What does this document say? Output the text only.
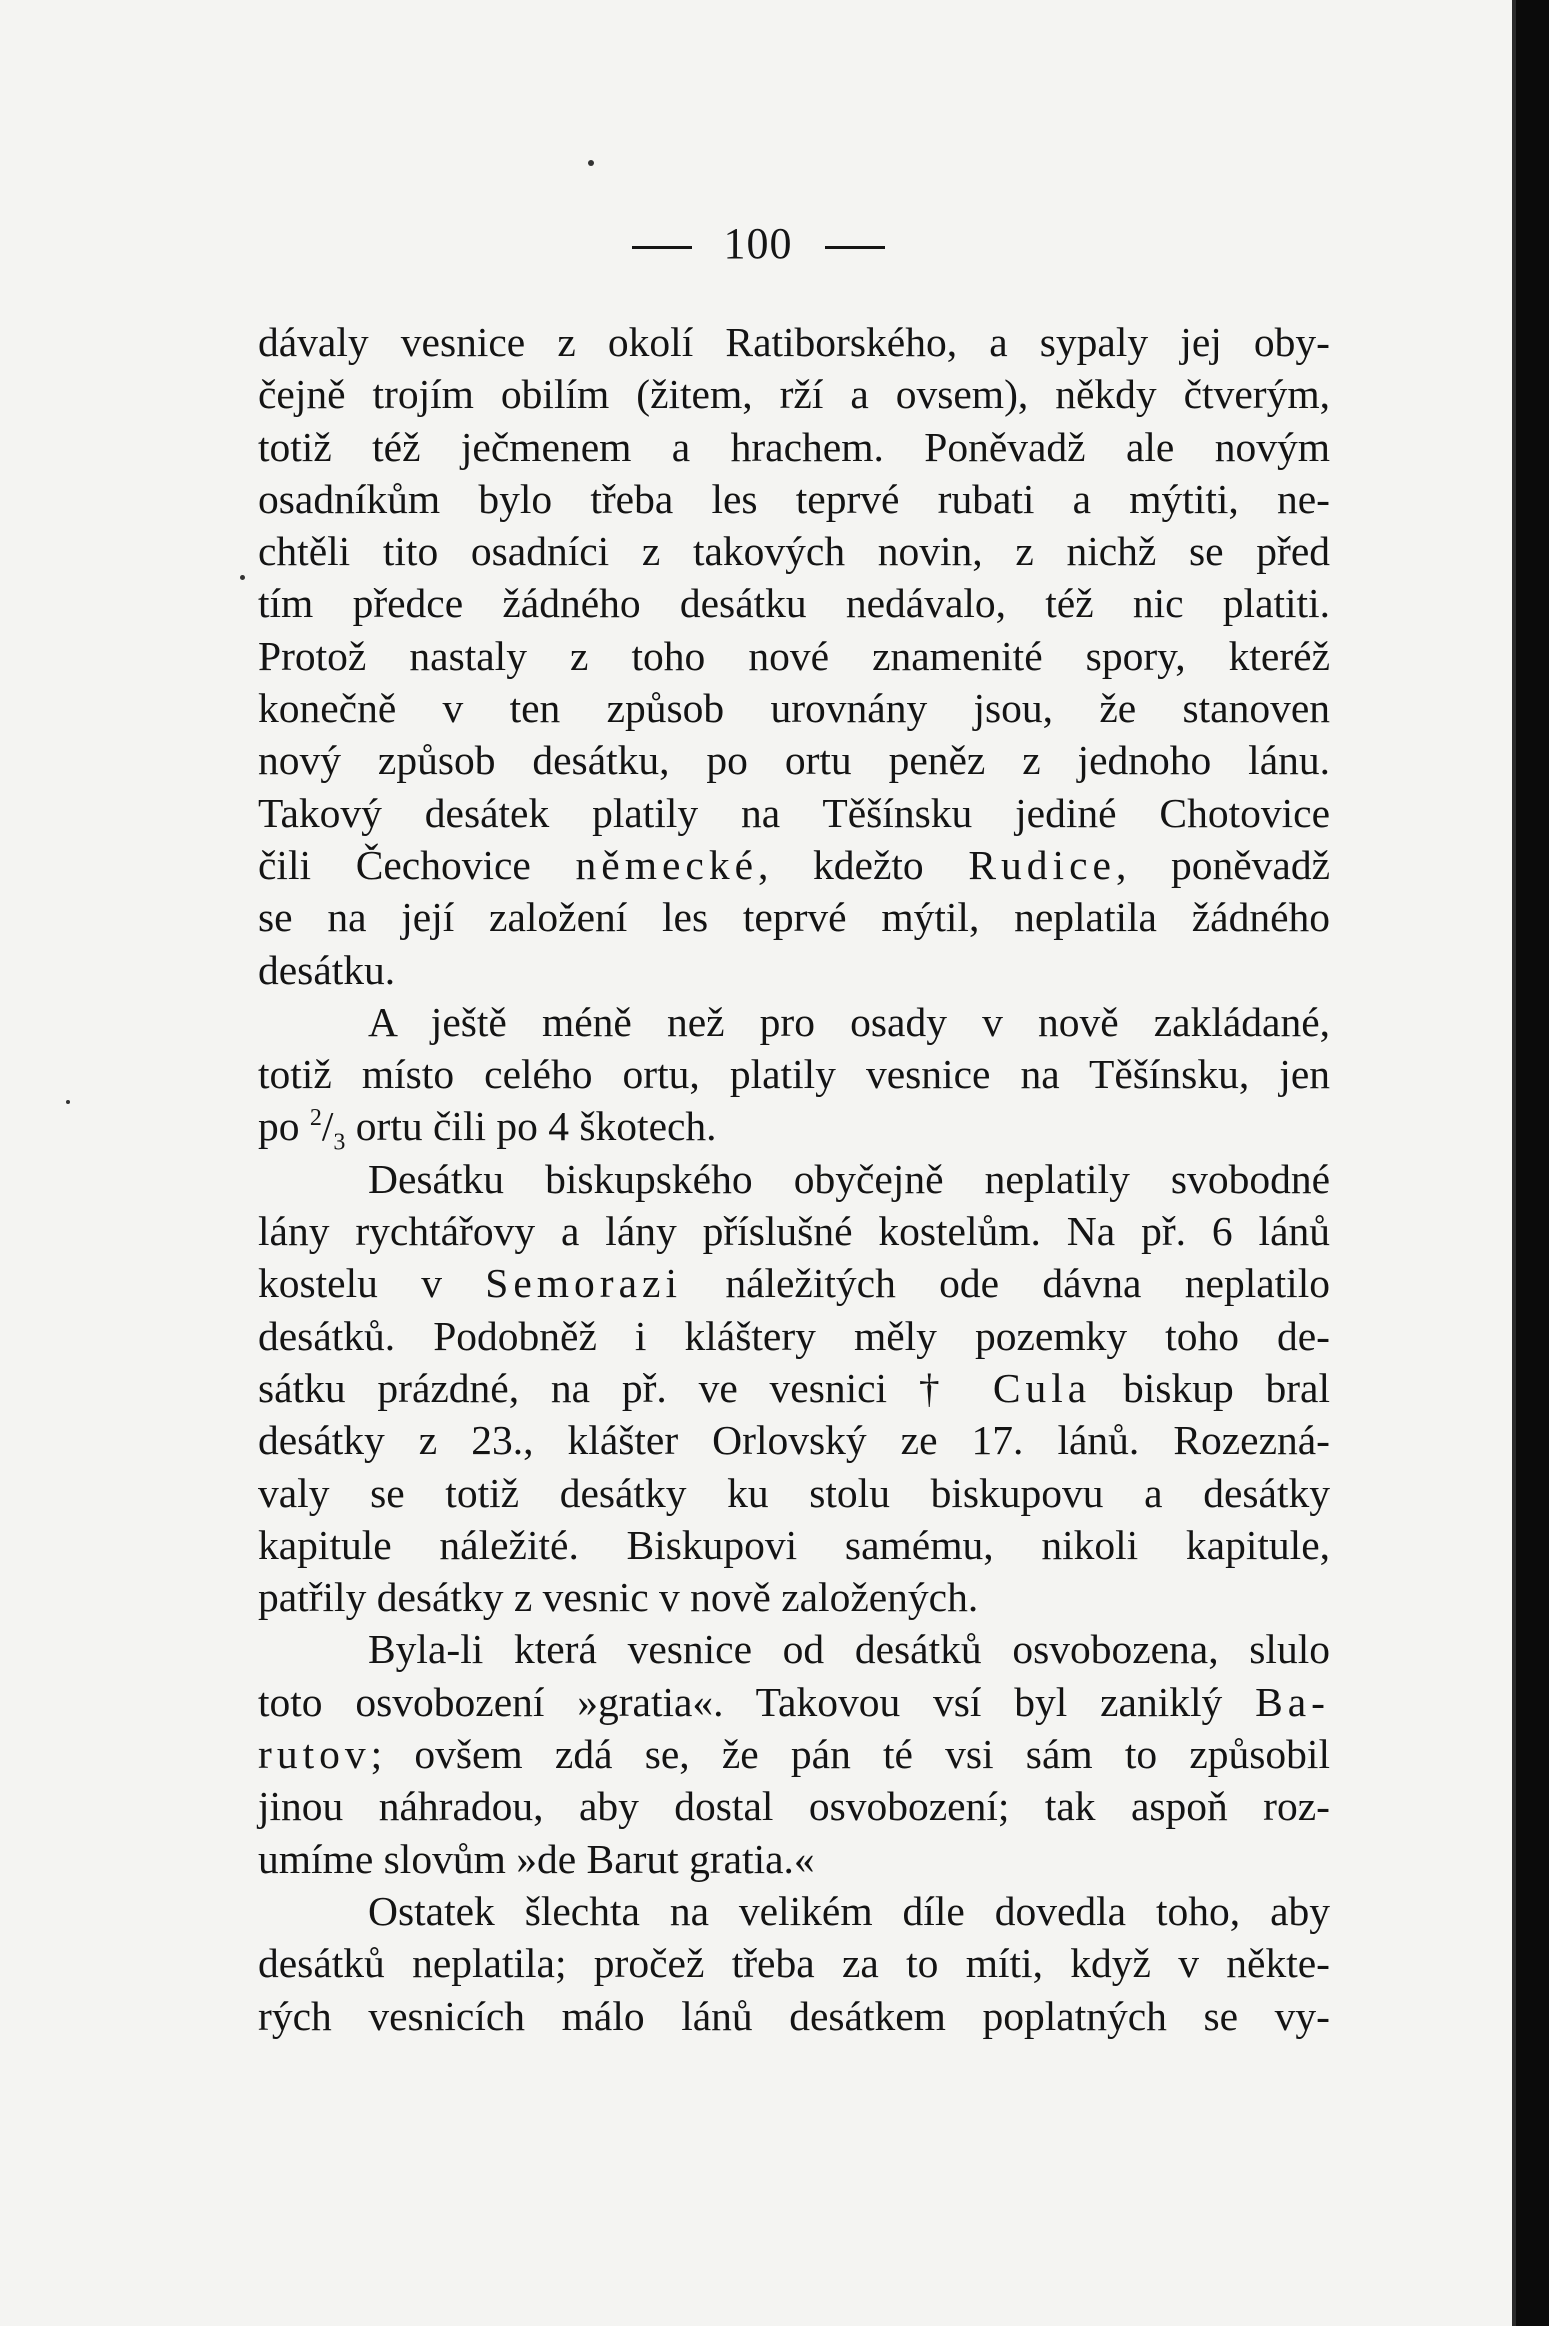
100
dávaly vesnice z okolí Ratiborského, a sypaly jej oby-
čejně trojím obilím (žitem, rží a ovsem), někdy čtverým,
totiž též ječmenem a hrachem. Poněvadž ale novým
osadníkům bylo třeba les teprvé rubati a mýtiti, ne-
chtěli tito osadníci z takových novin, z nichž se před
tím předce žádného desátku nedávalo, též nic platiti.
Protož nastaly z toho nové znamenité spory, kteréž
konečně v ten způsob urovnány jsou, že stanoven
nový způsob desátku, po ortu peněz z jednoho lánu.
Takový desátek platily na Těšínsku jediné Chotovice
čili Čechovice německé, kdežto Rudice, poněvadž
se na její založení les teprvé mýtil, neplatila žádného
desátku.
A ještě méně než pro osady v nově zakládané,
totiž místo celého ortu, platily vesnice na Těšínsku, jen
po $^2/_3$ ortu čili po 4 škotech.
Desátku biskupského obyčejně neplatily svobodné
lány rychtářovy a lány příslušné kostelům. Na př. 6 lánů
kostelu v Semorazi náležitých ode dávna neplatilo
desátků. Podobněž i kláštery měly pozemky toho de-
sátku prázdné, na př. ve vesnici † Cula biskup bral
desátky z 23., klášter Orlovský ze 17. lánů. Rozezná-
valy se totiž desátky ku stolu biskupovu a desátky
kapitule náležité. Biskupovi samému, nikoli kapitule,
patřily desátky z vesnic v nově založených.
Byla-li která vesnice od desátků osvobozena, slulo
toto osvobození »gratia«. Takovou vsí byl zaniklý Ba-
rutov; ovšem zdá se, že pán té vsi sám to způsobil
jinou náhradou, aby dostal osvobození; tak aspoň roz-
umíme slovům »de Barut gratia.«
Ostatek šlechta na velikém díle dovedla toho, aby
desátků neplatila; pročež třeba za to míti, když v někte-
rých vesnicích málo lánů desátkem poplatných se vy-
